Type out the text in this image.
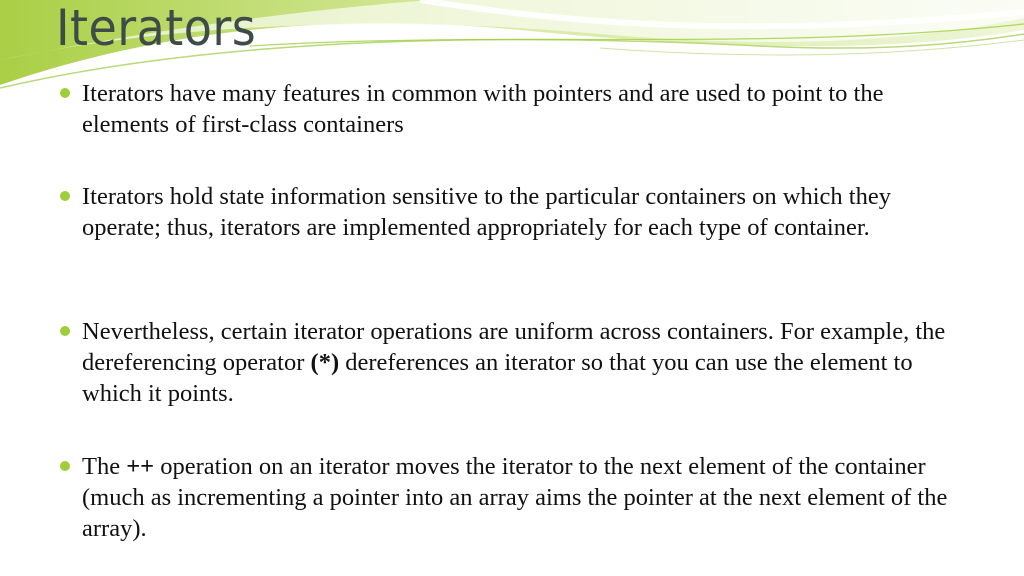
Iterators
Iterators have many features in common with pointers and are used to point to the elements of first-class containers
Iterators hold state information sensitive to the particular containers on which they operate; thus, iterators are implemented appropriately for each type of container.
Nevertheless, certain iterator operations are uniform across containers. For example, the dereferencing operator (*) dereferences an iterator so that you can use the element to which it points.
The ++ operation on an iterator moves the iterator to the next element of the container (much as incrementing a pointer into an array aims the pointer at the next element of the array).
